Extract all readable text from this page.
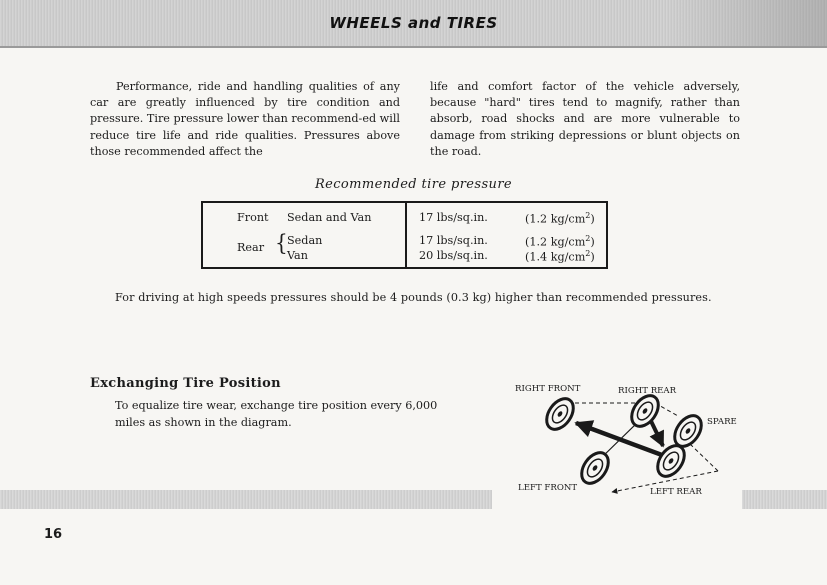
WHEELS and TIRES
Performance, ride and handling qualities of any car are greatly influenced by tire condition and pressure. Tire pressure lower than recommend-ed will reduce tire life and ride qualities. Pressures above those recommended affect the
life and comfort factor of the vehicle adversely, because "hard" tires tend to magnify, rather than absorb, road shocks and are more vulnerable to damage from striking depressions or blunt objects on the road.
Recommended tire pressure
Front Sedan and Van	17 lbs/sq.in.	(1.2 $kg/cm^2$)
Rear { Sedan	17 lbs/sq.in.	(1.2 $kg/cm^2$)
Van	20 lbs/sq.in.	(1.4 $kg/cm^2$)
For driving at high speeds pressures should be 4 pounds (0.3 kg) higher than recommended pressures.
Exchanging Tire Position
To equalize tire wear, exchange tire position every 6,000 miles as shown in the diagram.
RIGHT FRONT	RIGHT REAR
SPARE
LEFT FRONT	LEFT REAR
16
